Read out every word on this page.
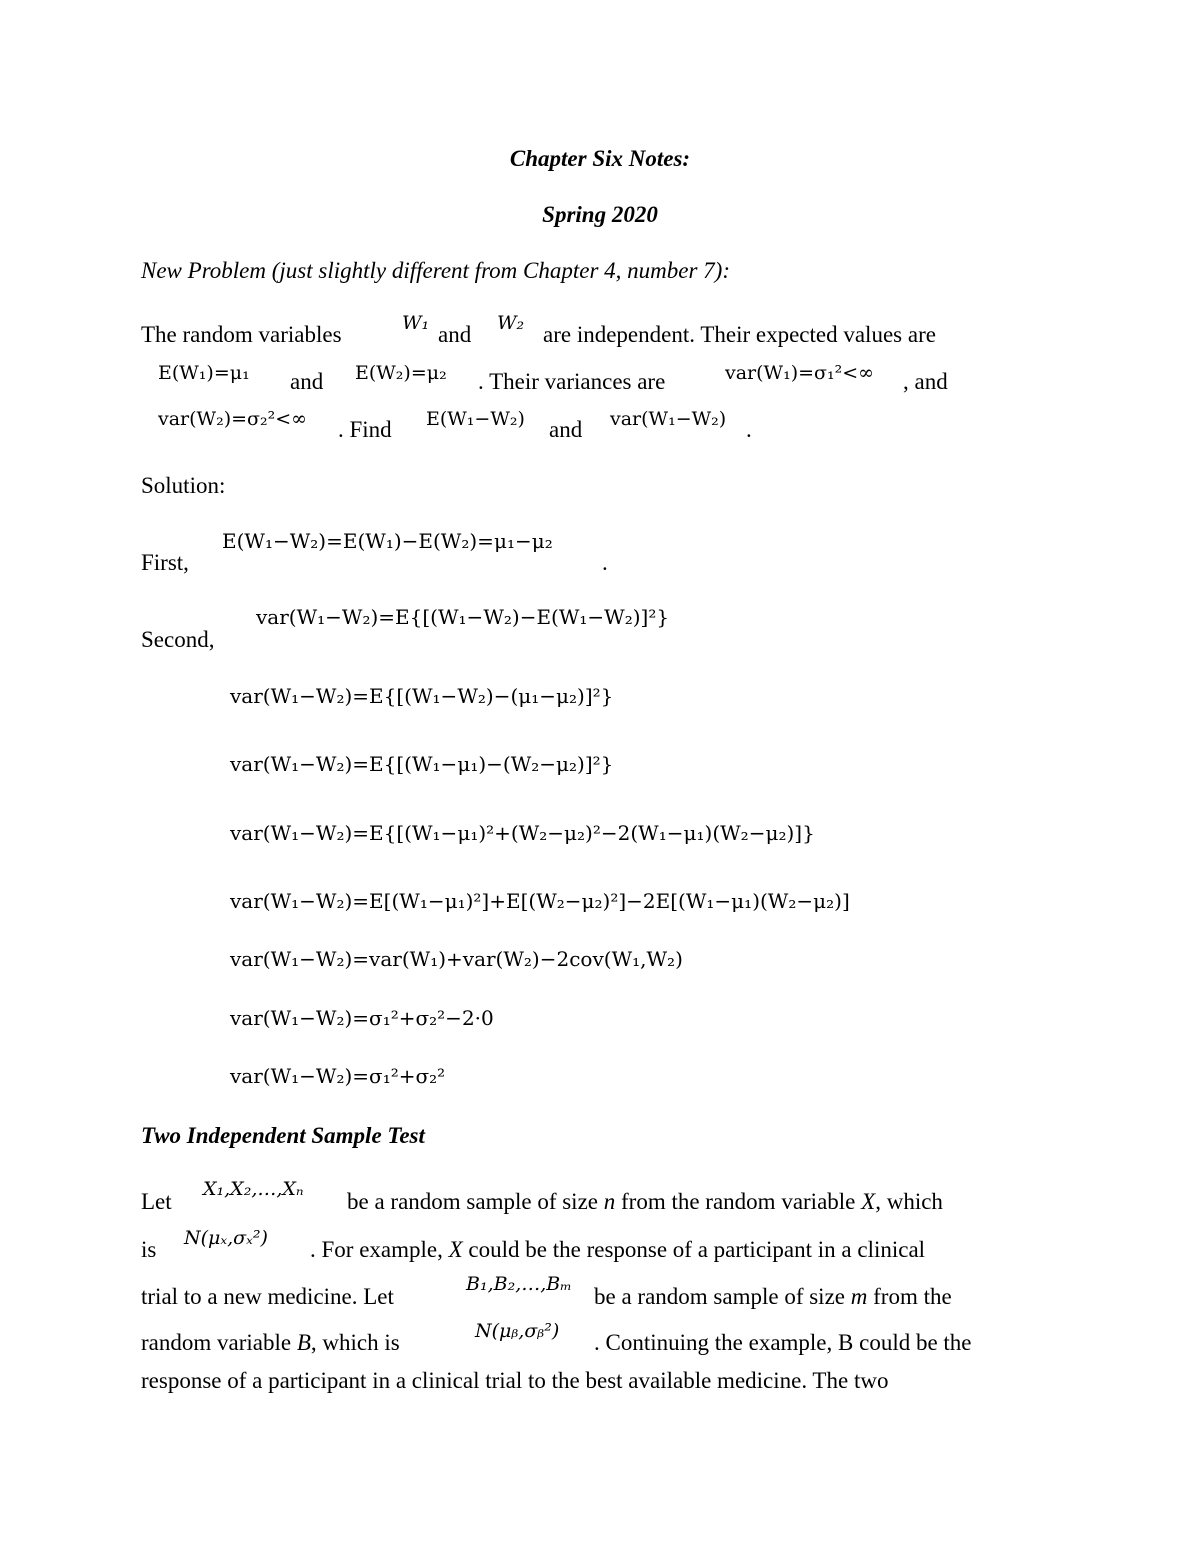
Chapter Six Notes:
Spring 2020
New Problem (just slightly different from Chapter 4, number 7):
The random variables	W₁ and W₂ are independent. Their expected values are
E(W₁)=μ₁ and E(W₂)=μ₂ . Their variances are	var(W₁)=σ₁²<∞ , and
var(W₂)=σ₂²<∞ . Find E(W₁−W₂) and var(W₁−W₂) .
Solution:
First,
E(W₁−W₂)=E(W₁)−E(W₂)=μ₁−μ₂
.
Second,
var(W₁−W₂)=E{[(W₁−W₂)−E(W₁−W₂)]²}
var(W₁−W₂)=E{[(W₁−W₂)−(μ₁−μ₂)]²}
var(W₁−W₂)=E{[(W₁−μ₁)−(W₂−μ₂)]²}
var(W₁−W₂)=E{[(W₁−μ₁)²+(W₂−μ₂)²−2(W₁−μ₁)(W₂−μ₂)]}
var(W₁−W₂)=E[(W₁−μ₁)²]+E[(W₂−μ₂)²]−2E[(W₁−μ₁)(W₂−μ₂)]
var(W₁−W₂)=var(W₁)+var(W₂)−2cov(W₁,W₂)
var(W₁−W₂)=σ₁²+σ₂²−2·0
var(W₁−W₂)=σ₁²+σ₂²
Two Independent Sample Test
Let X₁,X₂,…,Xₙ be a random sample of size n from the random variable X, which
is N(μₓ,σₓ²) . For example, X could be the response of a participant in a clinical
trial to a new medicine. Let	B₁,B₂,…,Bₘ be a random sample of size m from the
random variable B, which is	N(μᵦ,σᵦ²) . Continuing the example, B could be the
response of a participant in a clinical trial to the best available medicine. The two
